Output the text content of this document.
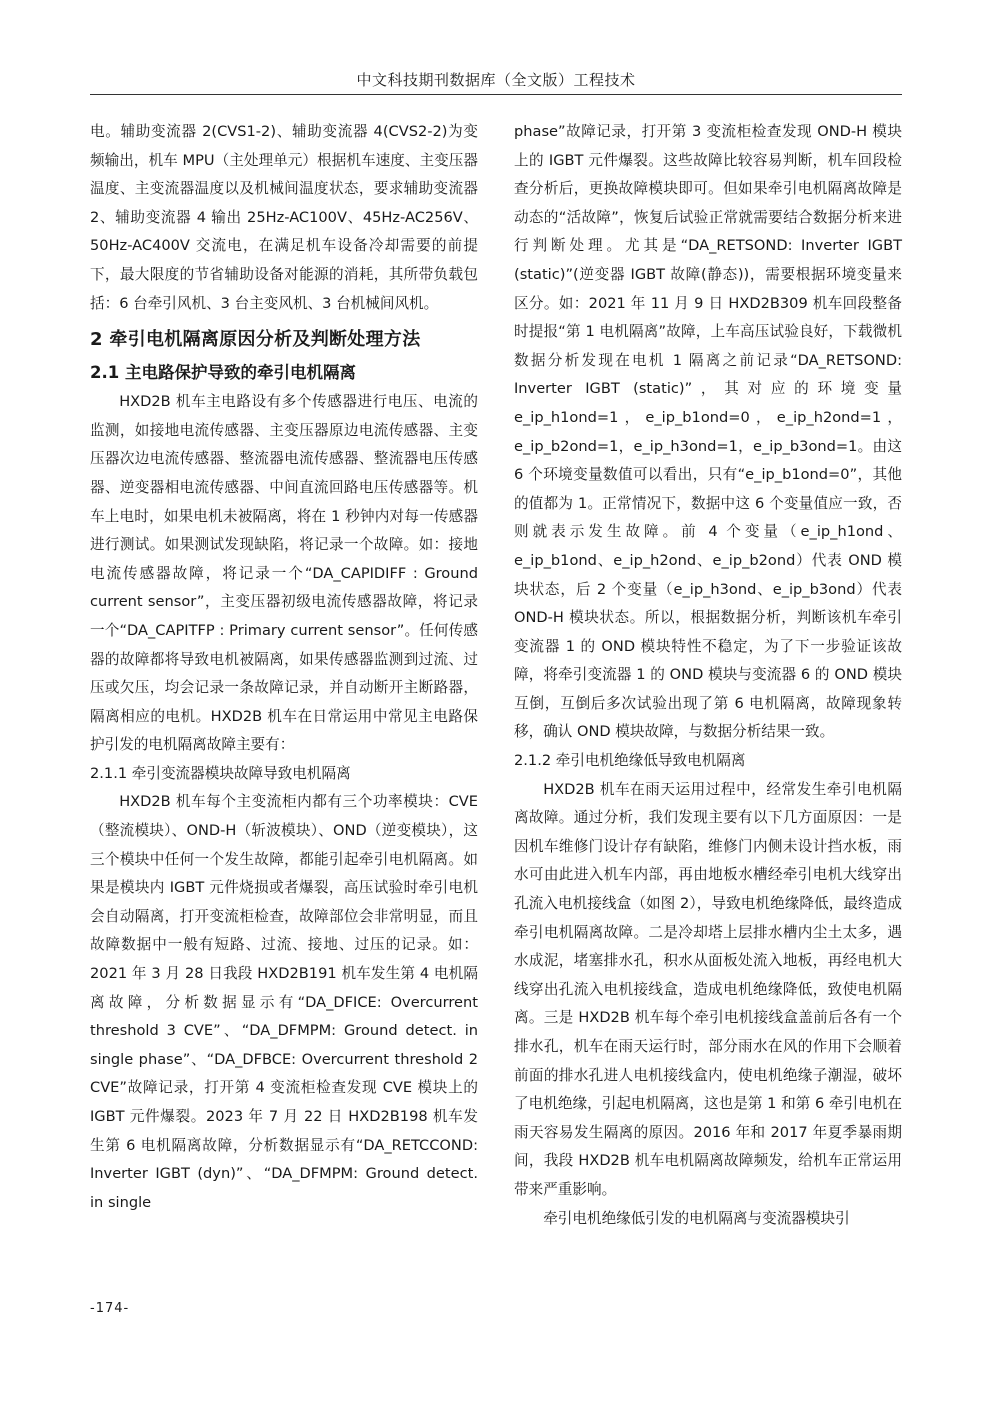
中文科技期刊数据库（全文版）工程技术

电。辅助变流器 2(CVS1-2)、辅助变流器 4(CVS2-2)为变频输出，机车 MPU（主处理单元）根据机车速度、主变压器温度、主变流器温度以及机械间温度状态，要求辅助变流器 2、辅助变流器 4 输出 25Hz-AC100V、45Hz-AC256V、50Hz-AC400V 交流电，在满足机车设备冷却需要的前提下，最大限度的节省辅助设备对能源的消耗，其所带负载包括：6 台牵引风机、3 台主变风机、3 台机械间风机。

2 牵引电机隔离原因分析及判断处理方法
2.1 主电路保护导致的牵引电机隔离

HXD2B 机车主电路设有多个传感器进行电压、电流的监测，如接地电流传感器、主变压器原边电流传感器、主变压器次边电流传感器、整流器电流传感器、整流器电压传感器、逆变器相电流传感器、中间直流回路电压传感器等。机车上电时，如果电机未被隔离，将在 1 秒钟内对每一传感器进行测试。如果测试发现缺陷，将记录一个故障。如：接地电流传感器故障，将记录一个“DA_CAPIDIFF : Ground current sensor”，主变压器初级电流传感器故障，将记录一个“DA_CAPITFP : Primary current sensor”。任何传感器的故障都将导致电机被隔离，如果传感器监测到过流、过压或欠压，均会记录一条故障记录，并自动断开主断路器，隔离相应的电机。HXD2B 机车在日常运用中常见主电路保护引发的电机隔离故障主要有：

2.1.1 牵引变流器模块故障导致电机隔离

HXD2B 机车每个主变流柜内都有三个功率模块：CVE（整流模块）、OND-H（斩波模块）、OND（逆变模块），这三个模块中任何一个发生故障，都能引起牵引电机隔离。如果是模块内 IGBT 元件烧损或者爆裂，高压试验时牵引电机会自动隔离，打开变流柜检查，故障部位会非常明显，而且故障数据中一般有短路、过流、接地、过压的记录。如：2021 年 3 月 28 日我段 HXD2B191 机车发生第 4 电机隔离故障，分析数据显示有“DA_DFICE: Overcurrent threshold 3 CVE”、“DA_DFMPM: Ground detect. in single phase”、“DA_DFBCE: Overcurrent threshold 2 CVE”故障记录，打开第 4 变流柜检查发现 CVE 模块上的 IGBT 元件爆裂。2023 年 7 月 22 日 HXD2B198 机车发生第 6 电机隔离故障，分析数据显示有“DA_RETCCOND: Inverter IGBT (dyn)”、“DA_DFMPM: Ground detect. in single

phase”故障记录，打开第 3 变流柜检查发现 OND-H 模块上的 IGBT 元件爆裂。这些故障比较容易判断，机车回段检查分析后，更换故障模块即可。但如果牵引电机隔离故障是动态的“活故障”，恢复后试验正常就需要结合数据分析来进行判断处理。尤其是“DA_RETSOND: Inverter IGBT (static)”(逆变器 IGBT 故障(静态))，需要根据环境变量来区分。如：2021 年 11 月 9 日 HXD2B309 机车回段整备时提报“第 1 电机隔离”故障，上车高压试验良好，下载微机数据分析发现在电机 1 隔离之前记录“DA_RETSOND: Inverter IGBT (static)”，其对应的环境变量 e_ip_h1ond=1，e_ip_b1ond=0，e_ip_h2ond=1，e_ip_b2ond=1，e_ip_h3ond=1，e_ip_b3ond=1。由这 6 个环境变量数值可以看出，只有“e_ip_b1ond=0”，其他的值都为 1。正常情况下，数据中这 6 个变量值应一致，否则就表示发生故障。前 4 个变量（e_ip_h1ond、e_ip_b1ond、e_ip_h2ond、e_ip_b2ond）代表 OND 模块状态，后 2 个变量（e_ip_h3ond、e_ip_b3ond）代表 OND-H 模块状态。所以，根据数据分析，判断该机车牵引变流器 1 的 OND 模块特性不稳定，为了下一步验证该故障，将牵引变流器 1 的 OND 模块与变流器 6 的 OND 模块互倒，互倒后多次试验出现了第 6 电机隔离，故障现象转移，确认 OND 模块故障，与数据分析结果一致。

2.1.2 牵引电机绝缘低导致电机隔离

HXD2B 机车在雨天运用过程中，经常发生牵引电机隔离故障。通过分析，我们发现主要有以下几方面原因：一是因机车维修门设计存有缺陷，维修门内侧未设计挡水板，雨水可由此进入机车内部，再由地板水槽经牵引电机大线穿出孔流入电机接线盒（如图 2），导致电机绝缘降低，最终造成牵引电机隔离故障。二是冷却塔上层排水槽内尘土太多，遇水成泥，堵塞排水孔，积水从面板处流入地板，再经电机大线穿出孔流入电机接线盒，造成电机绝缘降低，致使电机隔离。三是 HXD2B 机车每个牵引电机接线盒盖前后各有一个排水孔，机车在雨天运行时，部分雨水在风的作用下会顺着前面的排水孔进人电机接线盒内，使电机绝缘子潮湿，破坏了电机绝缘，引起电机隔离，这也是第 1 和第 6 牵引电机在雨天容易发生隔离的原因。2016 年和 2017 年夏季暴雨期间，我段 HXD2B 机车电机隔离故障频发，给机车正常运用带来严重影响。

牵引电机绝缘低引发的电机隔离与变流器模块引

-174-
